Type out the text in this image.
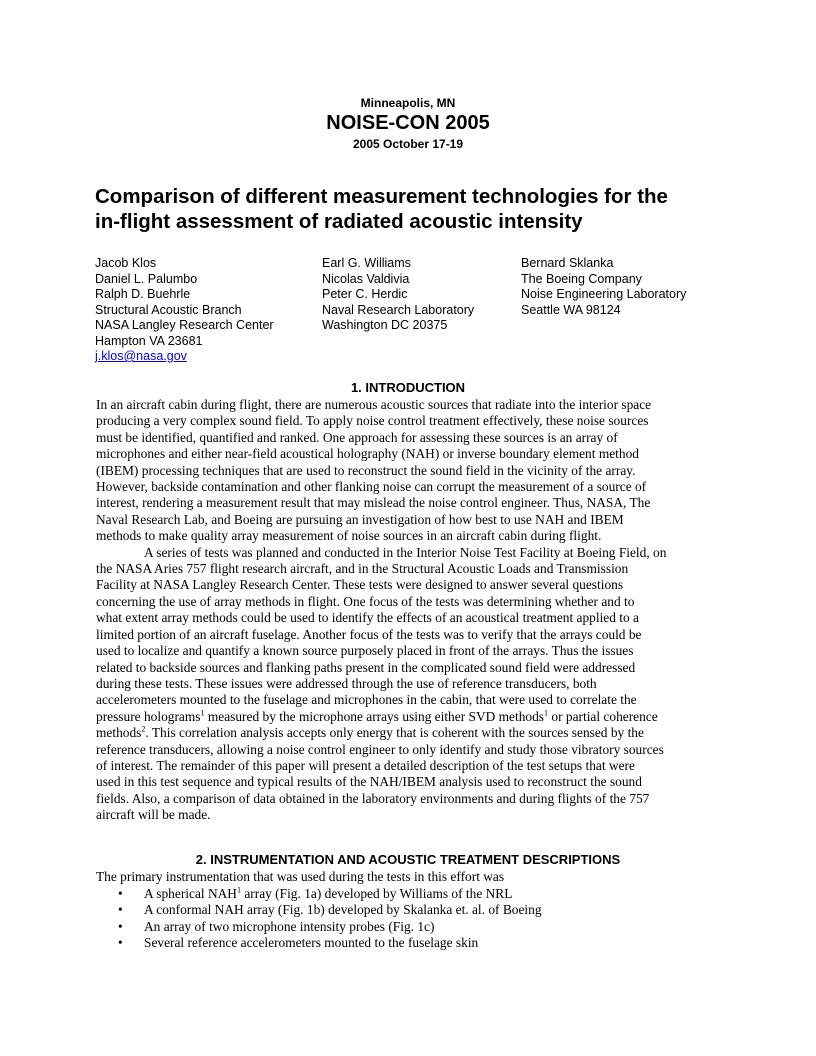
Minneapolis, MN
NOISE-CON 2005
2005 October 17-19
Comparison of different measurement technologies for the
in-flight assessment of radiated acoustic intensity
Jacob Klos
Daniel L. Palumbo
Ralph D. Buehrle
Structural Acoustic Branch
NASA Langley Research Center
Hampton VA 23681
j.klos@nasa.gov
Earl G. Williams
Nicolas Valdivia
Peter C. Herdic
Naval Research Laboratory
Washington DC 20375
Bernard Sklanka
The Boeing Company
Noise Engineering Laboratory
Seattle WA 98124
1. INTRODUCTION
In an aircraft cabin during flight, there are numerous acoustic sources that radiate into the interior space
producing a very complex sound field. To apply noise control treatment effectively, these noise sources
must be identified, quantified and ranked. One approach for assessing these sources is an array of
microphones and either near-field acoustical holography (NAH) or inverse boundary element method
(IBEM) processing techniques that are used to reconstruct the sound field in the vicinity of the array.
However, backside contamination and other flanking noise can corrupt the measurement of a source of
interest, rendering a measurement result that may mislead the noise control engineer. Thus, NASA, The
Naval Research Lab, and Boeing are pursuing an investigation of how best to use NAH and IBEM
methods to make quality array measurement of noise sources in an aircraft cabin during flight.
A series of tests was planned and conducted in the Interior Noise Test Facility at Boeing Field, on
the NASA Aries 757 flight research aircraft, and in the Structural Acoustic Loads and Transmission
Facility at NASA Langley Research Center. These tests were designed to answer several questions
concerning the use of array methods in flight. One focus of the tests was determining whether and to
what extent array methods could be used to identify the effects of an acoustical treatment applied to a
limited portion of an aircraft fuselage. Another focus of the tests was to verify that the arrays could be
used to localize and quantify a known source purposely placed in front of the arrays. Thus the issues
related to backside sources and flanking paths present in the complicated sound field were addressed
during these tests. These issues were addressed through the use of reference transducers, both
accelerometers mounted to the fuselage and microphones in the cabin, that were used to correlate the
pressure holograms$^1$ measured by the microphone arrays using either SVD methods$^1$ or partial coherence
methods$^2$. This correlation analysis accepts only energy that is coherent with the sources sensed by the
reference transducers, allowing a noise control engineer to only identify and study those vibratory sources
of interest. The remainder of this paper will present a detailed description of the test setups that were
used in this test sequence and typical results of the NAH/IBEM analysis used to reconstruct the sound
fields. Also, a comparison of data obtained in the laboratory environments and during flights of the 757
aircraft will be made.
2. INSTRUMENTATION AND ACOUSTIC TREATMENT DESCRIPTIONS
The primary instrumentation that was used during the tests in this effort was
• A spherical NAH$^1$ array (Fig. 1a) developed by Williams of the NRL
• A conformal NAH array (Fig. 1b) developed by Skalanka et. al. of Boeing
• An array of two microphone intensity probes (Fig. 1c)
• Several reference accelerometers mounted to the fuselage skin
